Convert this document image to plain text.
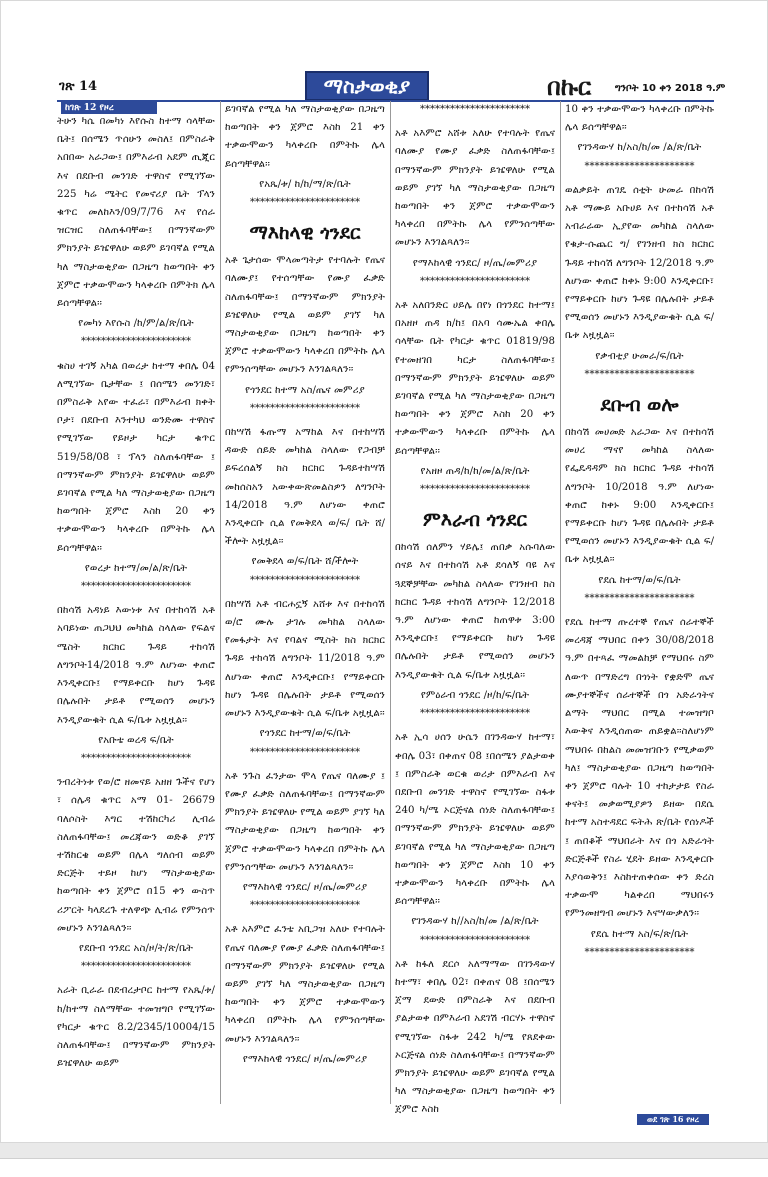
ገጽ 14	ማስታወቂያ	በኩር ግንቦት 10 ቀን 2018 ዓ.ም

ትሁን ካሴ በመካነ እየሱስ ከተማ ሳላቸው ቤት፤ በሰሜን ጥሰሁን መስለ፤ በምስራቅ አበበው አራጋው፤ በምእራብ አደም ጢጂር እና በደቡብ መንገድ ተዋስኖ የሚገኘው 225 ካሬ ሜትር የመኖሪያ ቤት ፕላን ቁጥር መለከእን/09/7/76 እና የሰራ ዝርዝር ስለጠፋባቸው፤ በማንኛውም ምክንያት ይዤዋለሁ ወይም ይገባኛል የሚል ካለ ማስታወቂያው በጋዜጣ ከወጣበት ቀን ጀምሮ ተቃውሞውን ካላቀረቡ በምትክ ሌላ ይሰጣቸዋል፡፡

የመካነ እየሱስ /ከ/ም/ል/ጽ/ቤት

**********************

ቁስሀ ተገኝ አካል በወረታ ከተማ ቀበሌ 04 ለሚገኘው ቤታቸው ፤ በሰሜን መንገድ፣ በምስራቅ አየው ተፈራ፣ በምእራብ ክቀት ቦታ፣ በደቡብ እንተካህ ወንድሙ ተዋስኖ የሚገኘው የይዞታ ካርታ ቁጥር 519/58/08 ፣ ፕላን ስለጠፋባቸው ፤ በማንኛውም ምክንያት ይዤዋለሁ ወይም ይገባኛል የሚል ካለ ማስታወቂያው በጋዜጣ ከወጣበት ጀምሮ እስከ 20 ቀን ተቃውሞውን ካላቀረቡ በምትኩ ሌላ ይሰጣቸዋል፡፡

የወረታ ከተማ/መ/ል/ጽ/ቤት

**********************

በከሳሽ አዳነይ እውነቱ እና በተከሳሽ አቶ አባይነው ጠጋህህ መካከል ስላለው የፍልና ሜስት ክርክር ጉዳይ ተከሳሽ ለግንቦት14/2018 ዓ.ም ለሆነው ቀጠሮ እንዲቀርቡ፤ የማይቀርቡ ከሆነ ጉዳዩ በሌሉበት ታይቶ የሚወሰን መሆኑን እንዲያውቁት ሲል ፍ/ቤቱ አዟዟል፡፡

የአቡቴ ወረዳ ፍ/ቤት

**********************

ንብረትነቱ የወ/ሮ ዘመናይ አዘዘ ጉችና የሆነ ፣ ሰሌዳ ቁጥር አማ 01- 26679 ባለሶስት እግር ተሽከርካሪ ሊብሬ ስለጠፋባቸው፤ መረጃውን ወድቆ ያገኘ ተሽከርቄ ወይም በሌላ ግለሰብ ወይም ድርጅት ተይዞ ከሆነ ማስታወቂያው ከወጣበት ቀን ጀምሮ በ15 ቀን ውስጥ ሪፖርት ካላደረጉ ተለዋጭ ሊብሬ የምንሰጥ መሆኑን እንገልጻለን፡፡

የደቡብ ጎንደር አስ/ዞ/ት/ጽ/ቤት

**********************

አራት ቢራራ በደብረታቦር ከተማ የአጼ/ቱ/ከ/ከተማ ስለማቸው ተመዝግቦ የሚገኘው የካርታ ቁጥር 8.2/2345/10004/15 ስለጠፋባቸው፤ በማንኛውም ምክንያት ይዤዋለሁ ወይም

ይገባኛል የሚል ካለ ማስታወቂያው በጋዜጣ ከወጣበት ቀን ጀምሮ እስከ 21 ቀን ተቃውሞውን ካላቀረቡ በምትኩ ሌላ ይሰጣቸዋል፡፡

የአጼ/ቱ/ ከ/ከ/ማ/ጽ/ቤት

**********************

ማእከላዊ ጎንደር

አቶ ጌታሰው ሞላመጣትታ የተባሉት የጤና ባለሙያ፤ የተሰጣቸው የሙያ ፈቃድ ስለጠፋባቸው፤ በማንኛውም ምክንያት ይዤዋለሁ የሚል ወይም ያገኘ ካለ ማስታወቂያው በጋዜጣ ከወጣበት ቀን ጀምሮ ተቃውሞውን ካላቀረበ በምትኩ ሌላ የምንሰጣቸው መሆኑን እንገልጻለን፡፡

የጎንደር ከተማ አስ/ጤና መምሪያ

**********************

በከሣሽ ፋጡማ አማከል እና በተከሣሽ ዳውድ ሰይድ መካከል ስላለው የጋብቻ ይፍረሰልኝ ክስ ክርክር ጉዳይተከሣሽ መከሰስአን አውቀውጽመልስዎን ለግንቦት 14/2018 ዓ.ም ለሆነው ቀጠሮ እንዲቀርቡ ሲል የመቅደላ ወ/ፍ/ ቤት ሸ/ችሎት አዟዟል፡፡

የመቅደላ ወ/ፍ/ቤት ሸ/ችሎት

**********************

በከሣሽ አቶ ብርሐኗኝ አሸቱ እና በተከሳሽ ወ/ሮ ሙሉ ታገሉ መካከል ስላለው የመፋታት እና የባልና ሚስት ክስ ክርክር ጉዳይ ተከሳሽ ለግንቦት 11/2018 ዓ.ም ለሆነው ቀጠሮ እንዲቀርቡ፤ የማይቀርቡ ከሆነ ጉዳዩ በሌሉበት ታይቶ የሚወሰን መሆኑን እንዲያውቁት ሲል ፍ/ቤቱ አዟዟል፡፡

የጎንደር ከተማ/ወ/ፍ/ቤት

**********************

አቶ ንጉስ ፈንታው ሞላ የጤና ባለሙያ ፤ የሙያ ፈቃድ ስለጠፋባቸው፤ በማንኛውም ምክንያት ይዤዋለሁ የሚል ወይም ያገኘ ካለ ማስታወቂያው በጋዜጣ ከወጣበት ቀን ጀምሮ ተቃውሞውን ካላቀረበ በምትኩ ሌላ የምንሰጣቸው መሆኑን እንገልጻለን፡፡

የማእከላዊ ጎንደር/ ዞ/ጤ/መምሪያ

**********************

አቶ አእምሮ ፈንቴ አቢጋዝ አለሁ የተባሉት የጤና ባለሙያ የሙያ ፈቃድ ስለጠፋባቸው፤ በማንኛውም ምክንያት ይዤዋለሁ የሚል ወይም ያገኘ ካለ ማስታወቂያው በጋዜጣ ከወጣበት ቀን ጀምሮ ተቃውሞውን ካላቀረበ በምትኩ ሌላ የምንሰጣቸው መሆኑን እንገልጻለን፡፡

የማእከላዊ ጎንደር/ ዞ/ጤ/መምሪያ

**********************

አቶ አእምሮ አሸቱ አለሁ የተባሉት የጤና ባለሙያ የሙያ ፈቃድ ስለጠፋባቸው፤ በማንኛውም ምክንያት ይዤዋለሁ የሚል ወይም ያገኘ ካለ ማስታወቂያው በጋዜጣ ከወጣበት ቀን ጀምሮ ተቃውሞውን ካላቀረበ በምትኩ ሌላ የምንሰጣቸው መሆኑን እንገልጻለን፡፡

የማእከላዊ ጎንደር/ ዞ/ጤ/መምሪያ

**********************

አቶ አለበንድር ሀይሌ በየነ በጎንደር ከተማ፤ በአዘዞ ጠዳ ክ/ከ፤ በአባ ሳሙኤል ቀበሌ ሳላቸው ቤት የካርታ ቁጥር 01819/98 የተመዘገበ ካርታ ስለጠፋባቸው፤ በማንኛውም ምክንያት ይዤዋለሁ ወይም ይገባኛል የሚል ካለ ማስታወቂያው በጋዜጣ ከወጣበት ቀን ጀምሮ እስከ 20 ቀን ተቃውሞውን ካላቀረቡ በምትኩ ሌላ ይሰጣቸዋል፡፡

የአዘዞ ጠዳ/ከ/ከ/መ/ል/ጽ/ቤት

**********************

ምእራብ ጎንደር

በከሳሽ ሰለምን ሃይሌ፤ ጠበቃ አሱባለው ሰናይ እና በተከሳሽ አቶ ደሳለኝ ባዩ እና ጓደኞቻቸው መካከል ስላለው የገንዘብ ክስ ክርክር ጉዳይ ተከሳሽ ለግንቦት 12/2018 ዓ.ም ለሆነው ቀጠሮ ከጠዋቱ 3:00 እንዲቀርቡ፤ የማይቀርቡ ከሆነ ጉዳዩ በሌሉበት ታይቶ የሚወሰን መሆኑን እንዲያውቁት ሲል ፍ/ቤቱ አዟዟል፡፡

የምዕራብ ጎንደር /ዞ/ከ/ፍ/ቤት

**********************

አቶ ኢሳ ሀሰን ሁሴን በገንዳውሃ ከተማ፣ ቀበሌ 03፣ በቀጠና 08 ፤በሰሜን ያልታወቀ ፤ በምስራቅ ወርቁ ወሪታ በምእራብ እና በደቡብ መንገድ ተዋስኖ የሚገኘው ስፋቱ 240 ካ/ሜ ኦርጅናል ሰነድ ስለጠፋባቸው፤ በማንኛውም ምክንያት ይዤዋለሁ ወይም ይገባኛል የሚል ካለ ማስታወቂያው በጋዜጣ ከወጣበት ቀን ጀምሮ እስከ 10 ቀን ተቃውሞውን ካላቀረቡ በምትኩ ሌላ ይሰጣቸዋል፡፡

የገንዳውሃ ከ//አስ/ከ/መ /ል/ጽ/ቤት

**********************

አቶ ከፋለ ደርሶ አለማማው በገንዳውሃ ከተማ፣ ቀበሌ 02፣ በቀጠና 08 ፤በሰሜን ጀማ ደውድ በምስራቅ እና በደቡብ ያልታወቀ በምእራብ አደገሽ ብርሃኑ ተዋስኖ የሚገኘው ስፋቱ 242 ካ/ሜ የጸደቀው ኦርጅናል ሰነድ ስለጠፋባቸው፤ በማንኛውም ምክንያት ይዤዋለሁ ወይም ይገባኛል የሚል ካለ ማስታወቂያው በጋዜጣ ከወጣበት ቀን ጀምሮ እስከ

10 ቀን ተቃውሞውን ካላቀረቡ በምትኩ ሌላ ይሰጣቸዋል፡፡

የገንዳውሃ ከ/አስ/ከ/መ /ል/ጽ/ቤት

**********************

ወልቃይት ጠገዴ ሰቲት ሁመራ በከሳሽ አቶ ማሙይ አቡሀይ እና በተከሳሽ አቶ አብራራው ኢያየው መካከል ስላለው የቁታ-ሱጨር ግ/ የገንዘብ ክስ ክርክር ጉዳይ ተከሳሽ ለግንቦት 12/2018 ዓ.ም ለሆነው ቀጠሮ ከቀኑ 9:00 እንዲቀርቡ፣ የማይቀርቡ ከሆነ ጉዳዩ በሌሉበት ታይቶ የሚወሰን መሆኑን እንዲያውቁት ሲል ፍ/ቤቱ አዟዟል፡፡

የቃብቲያ ሁመራ/ፍ/ቤት

**********************

ደቡብ ወሎ

በከሳሽ መሀመድ አራጋው እና በተከሳሽ መሀረ ማናየ መካከል ስላለው የፌዴዳዳም ክስ ክርክር ጉዳይ ተከሳሽ ለግንቦት 10/2018 ዓ.ም ለሆነው ቀጠሮ ከቀኑ 9:00 እንዲቀርቡ፤ የማይቀርቡ ከሆነ ጉዳዩ በሌሉበት ታይቶ የሚወሰን መሆኑን እንዲያውቁት ሲል ፍ/ቤቱ አዟዟል፡፡

የደሴ ከተማ/ወ/ፍ/ቤት

**********************

የደሴ ከተማ ጡረተኞ የጤና ሰራተኞች መረዳጃ ማህበር በቀን 30/08/2018 ዓ.ም በተጻፈ ማመልከቻ የማህበሩ ስም ለውጥ በማድረግ በጎነት የቋድሞ ጤና ሙያተኞችና ሰራተኞች በጎ አድራጎትና ልማት ማህበር በሚል ተመዝግቦ እውቅና እንዲሰጠው ጠይቋል፡፡ስለሆነም ማህበሩ በከልስ መመዝገቡን የሚቃወም ካለ፤ ማስታወቂያው በጋዜጣ ከወጣበት ቀን ጀምሮ ባሉት 10 ተከታታይ የስራ ቀናት፤ መቃወሚያዎን ይዘው በደሴ ከተማ አስተዳደር ፍትሕ ጽ/ቤት የሰነዶች ፤ ጠበቆች ማህበራት እና በጎ አድራጎት ድርጅቶች የስራ ሂደት ይዘው እንዲቀርቡ እያሳወቅን፤ እስከተጠቀሰው ቀን ድረስ ተቃውሞ ካልቀረበ ማህበሩን የምንመዘግብ መሆኑን እናሣውቃለን፡፡

የደሴ ከተማ አስ/ፍ/ጽ/ቤት

**********************

ከገጽ 12 የዞረ
ወደ ገጽ 16 የዞረ
